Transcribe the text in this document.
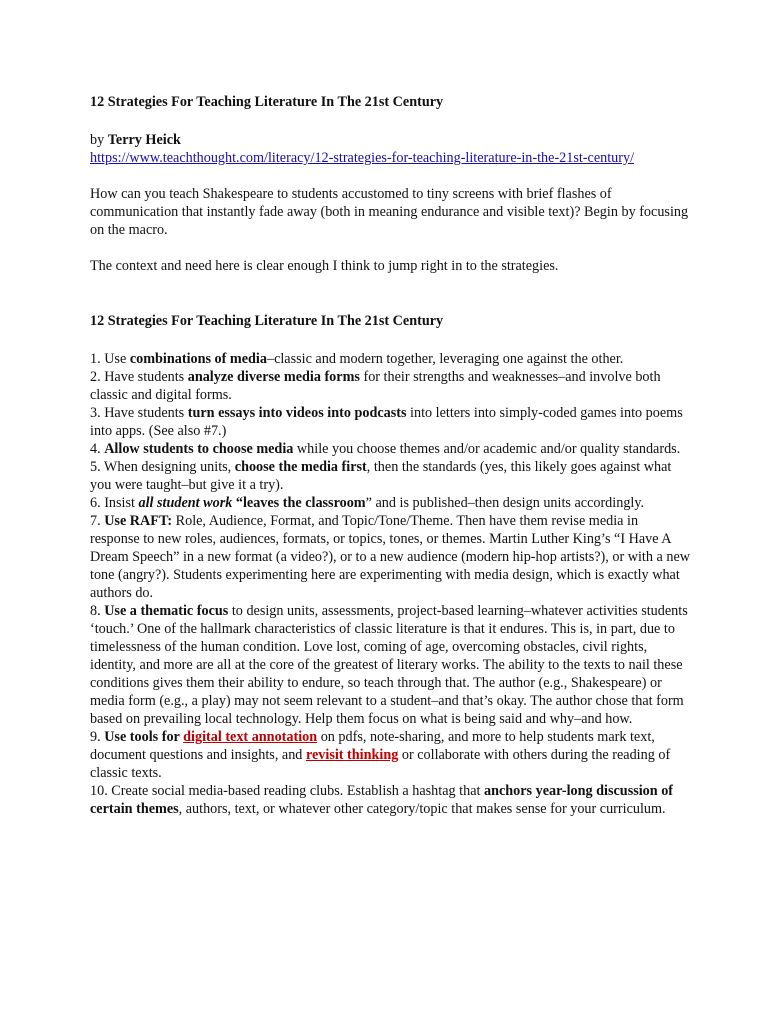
12 Strategies For Teaching Literature In The 21st Century

by Terry Heick

https://www.teachthought.com/literacy/12-strategies-for-teaching-literature-in-the-21st-century/

How can you teach Shakespeare to students accustomed to tiny screens with brief flashes of communication that instantly fade away (both in meaning endurance and visible text)? Begin by focusing on the macro.

The context and need here is clear enough I think to jump right in to the strategies.

12 Strategies For Teaching Literature In The 21st Century

1. Use combinations of media–classic and modern together, leveraging one against the other.

2. Have students analyze diverse media forms for their strengths and weaknesses–and involve both classic and digital forms.

3. Have students turn essays into videos into podcasts into letters into simply-coded games into poems into apps. (See also #7.)

4. Allow students to choose media while you choose themes and/or academic and/or quality standards.

5. When designing units, choose the media first, then the standards (yes, this likely goes against what you were taught–but give it a try).

6. Insist all student work “leaves the classroom” and is published–then design units accordingly.

7. Use RAFT: Role, Audience, Format, and Topic/Tone/Theme. Then have them revise media in response to new roles, audiences, formats, or topics, tones, or themes. Martin Luther King’s “I Have A Dream Speech” in a new format (a video?), or to a new audience (modern hip-hop artists?), or with a new tone (angry?). Students experimenting here are experimenting with media design, which is exactly what authors do.

8. Use a thematic focus to design units, assessments, project-based learning–whatever activities students ‘touch.’ One of the hallmark characteristics of classic literature is that it endures. This is, in part, due to timelessness of the human condition. Love lost, coming of age, overcoming obstacles, civil rights, identity, and more are all at the core of the greatest of literary works. The ability to the texts to nail these conditions gives them their ability to endure, so teach through that. The author (e.g., Shakespeare) or media form (e.g., a play) may not seem relevant to a student–and that’s okay. The author chose that form based on prevailing local technology. Help them focus on what is being said and why–and how.

9. Use tools for digital text annotation on pdfs, note-sharing, and more to help students mark text, document questions and insights, and revisit thinking or collaborate with others during the reading of classic texts.

10. Create social media-based reading clubs. Establish a hashtag that anchors year-long discussion of certain themes, authors, text, or whatever other category/topic that makes sense for your curriculum.
